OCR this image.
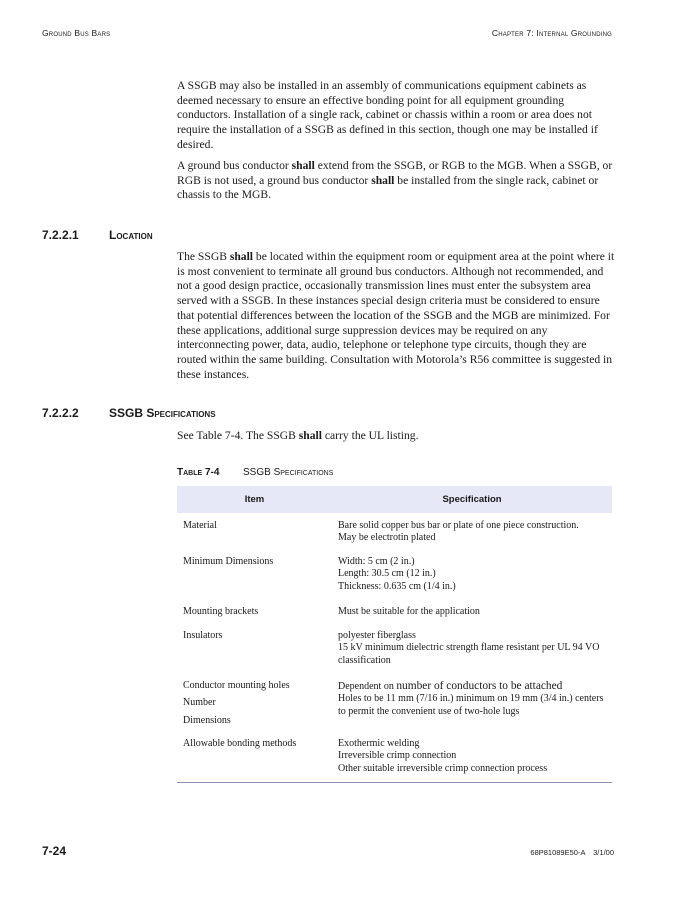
Ground Bus Bars	Chapter 7: Internal Grounding

A SSGB may also be installed in an assembly of communications equipment cabinets as deemed necessary to ensure an effective bonding point for all equipment grounding conductors. Installation of a single rack, cabinet or chassis within a room or area does not require the installation of a SSGB as defined in this section, though one may be installed if desired.

A ground bus conductor shall extend from the SSGB, or RGB to the MGB. When a SSGB, or RGB is not used, a ground bus conductor shall be installed from the single rack, cabinet or chassis to the MGB.

7.2.2.1	Location

The SSGB shall be located within the equipment room or equipment area at the point where it is most convenient to terminate all ground bus conductors. Although not recommended, and not a good design practice, occasionally transmission lines must enter the subsystem area served with a SSGB. In these instances special design criteria must be considered to ensure that potential differences between the location of the SSGB and the MGB are minimized. For these applications, additional surge suppression devices may be required on any interconnecting power, data, audio, telephone or telephone type circuits, though they are routed within the same building. Consultation with Motorola’s R56 committee is suggested in these instances.

7.2.2.2	SSGB Specifications

See Table 7-4. The SSGB shall carry the UL listing.

Table 7-4 SSGB Specifications
Item	Specification

Material	Bare solid copper bus bar or plate of one piece construction.
May be electrotin plated

Minimum Dimensions	Width: 5 cm (2 in.)
Length: 30.5 cm (12 in.)
Thickness: 0.635 cm (1/4 in.)

Mounting brackets	Must be suitable for the application

Insulators	polyester fiberglass
15 kV minimum dielectric strength flame resistant per UL 94 VO classification

Conductor mounting holes
Number
Dimensions	Dependent on number of conductors to be attached
Holes to be 11 mm (7/16 in.) minimum on 19 mm (3/4 in.) centers to permit the convenient use of two-hole lugs

Allowable bonding methods	Exothermic welding
Irreversible crimp connection
Other suitable irreversible crimp connection process
7-24	68P81089E50-A 3/1/00
